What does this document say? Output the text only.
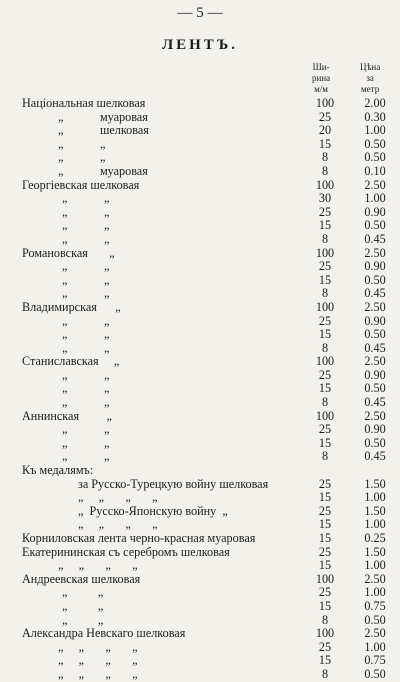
— 5 —
ЛЕНТЪ.
Ши-
рина
м/м
Цѣна
за
метр
Національная шелковая	100	2.00
„            муаровая	25	0.30
„            шелковая	20	1.00
„            „	15	0.50
„            „	8	0.50
„            муаровая	8	0.10
Георгіевская шелковая	100	2.50
„            „	30	1.00
„            „	25	0.90
„            „	15	0.50
„            „	8	0.45
Романовская       „	100	2.50
„            „	25	0.90
„            „	15	0.50
„            „	8	0.45
Владимирская      „	100	2.50
„            „	25	0.90
„            „	15	0.50
„            „	8	0.45
Станиславская     „	100	2.50
„            „	25	0.90
„            „	15	0.50
„            „	8	0.45
Аннинская         „	100	2.50
„            „	25	0.90
„            „	15	0.50
„            „	8	0.45
Къ медалямъ:
за Русско-Турецкую войну шелковая	25	1.50
„     „       „       „	15	1.00
„  Русско-Японскую войну  „	25	1.50
„     „       „       „	15	1.00
Корниловская лента черно-красная муаровая	15	0.25
Екатерининская съ серебромъ шелковая	25	1.50
„     „       „       „	15	1.00
Андреевская шелковая	100	2.50
„          „	25	1.00
„          „	15	0.75
„          „	8	0.50
Александра Невскаго шелковая	100	2.50
„     „       „       „	25	1.00
„     „       „       „	15	0.75
„     „       „       „	8	0.50
